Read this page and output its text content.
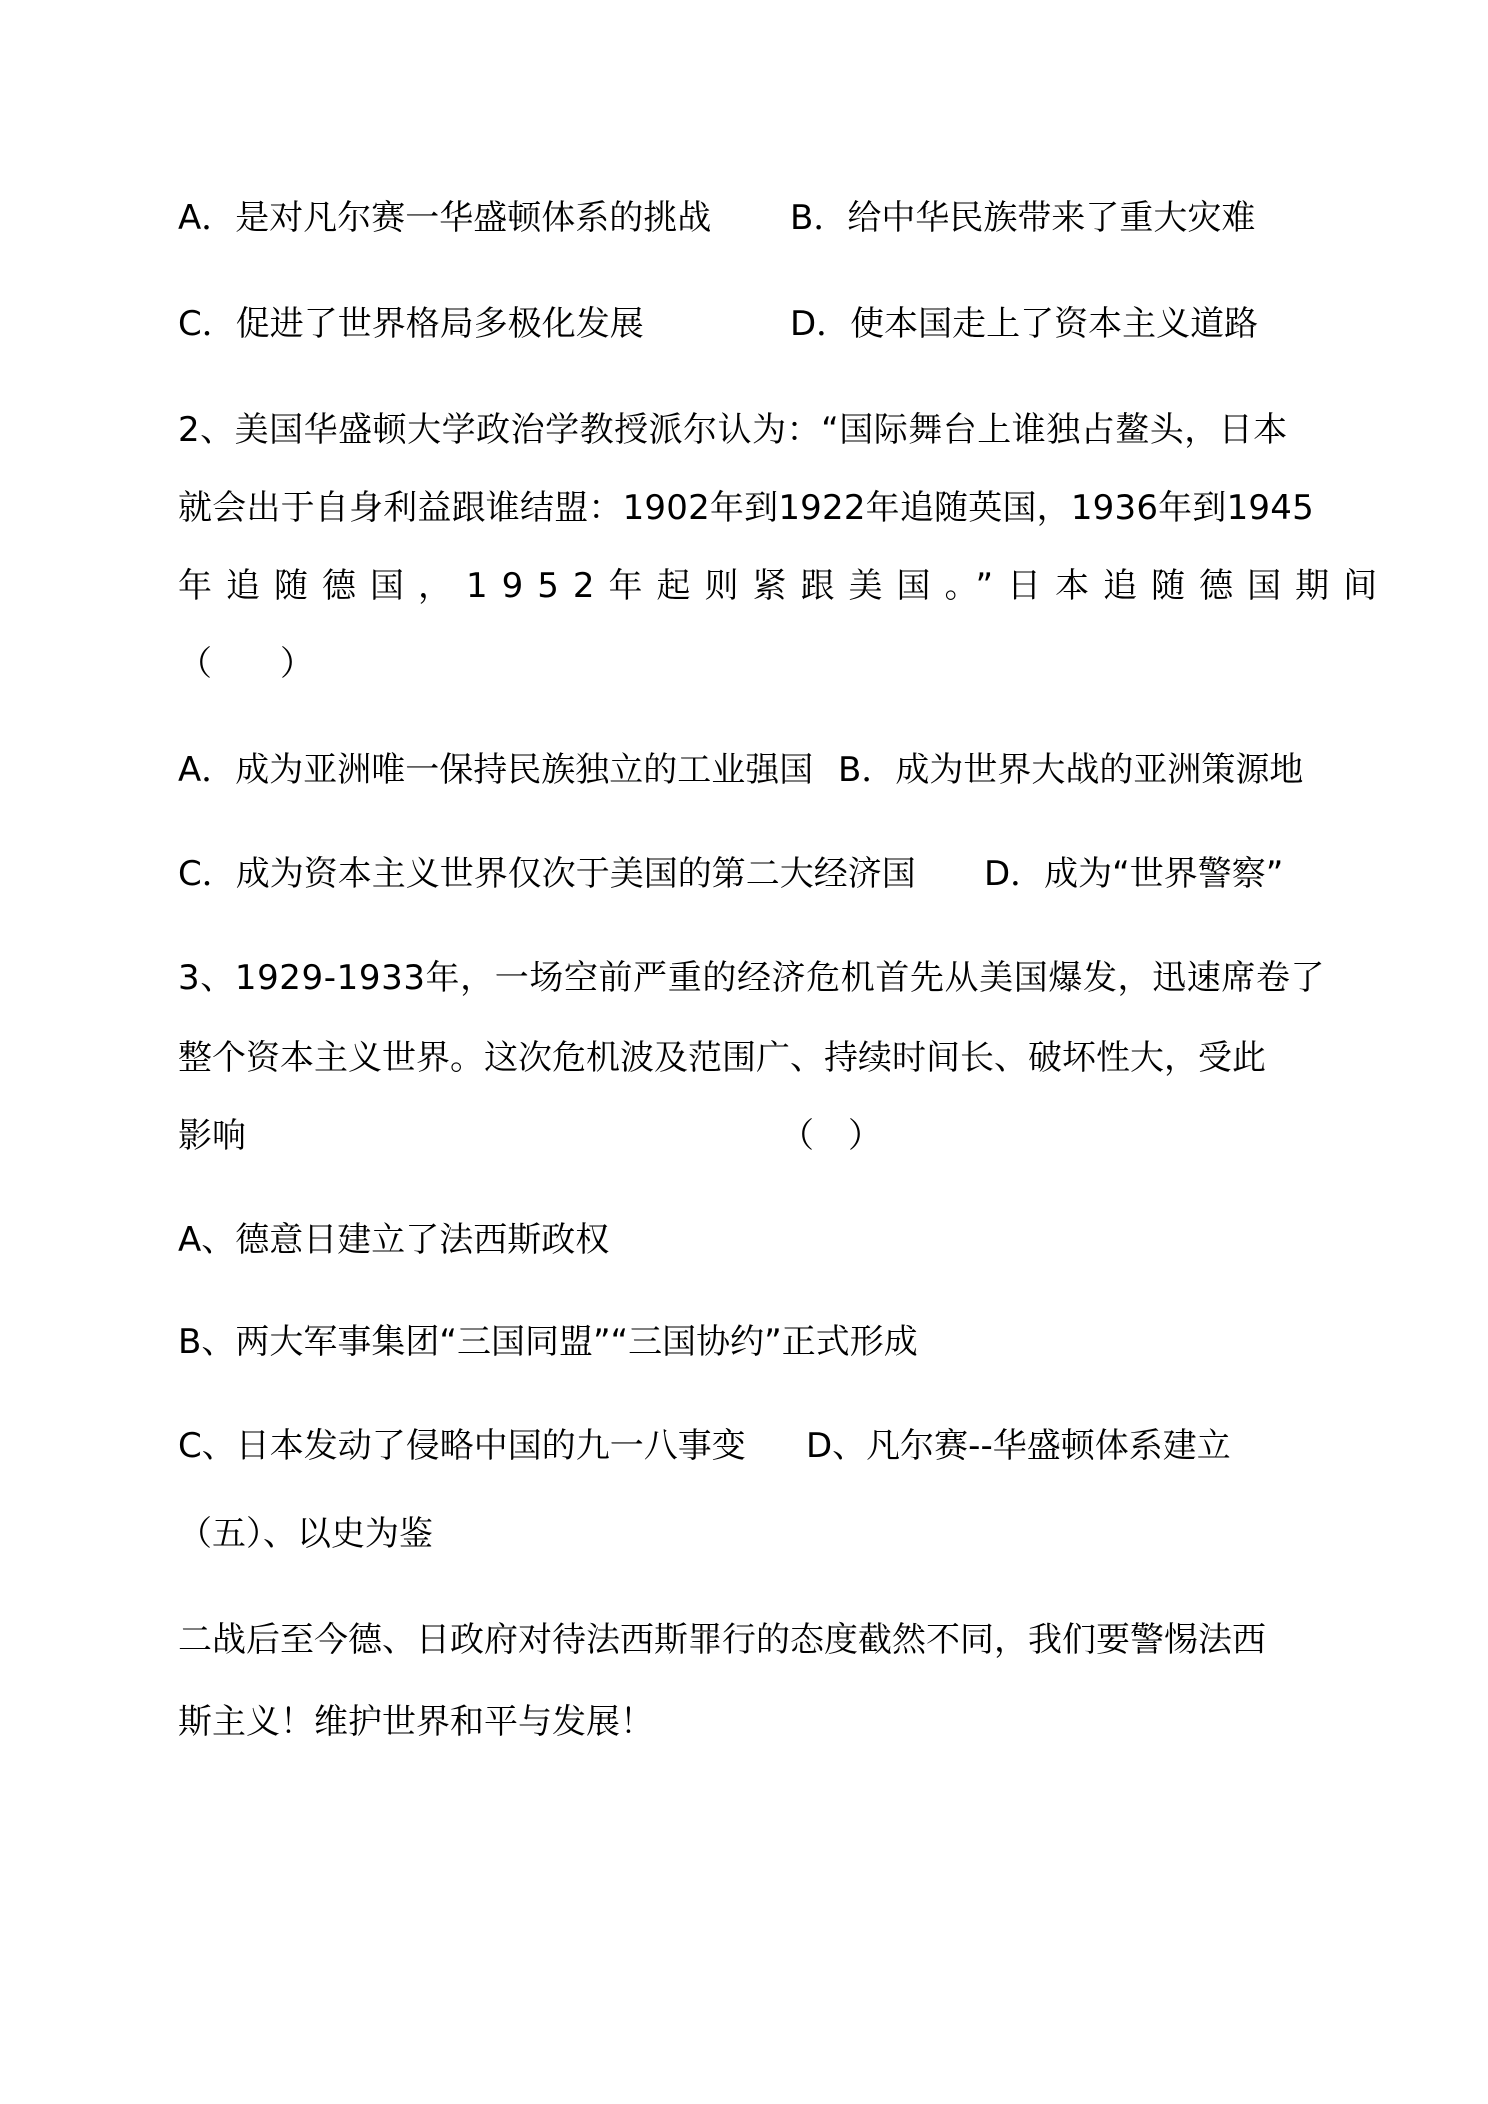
A．是对凡尔赛一华盛顿体系的挑战 B．给中华民族带来了重大灾难

C．促进了世界格局多极化发展	D．使本国走上了资本主义道路

2、美国华盛顿大学政治学教授派尔认为：“国际舞台上谁独占鳌头，日本

就会出于自身利益跟谁结盟：1902年到1922年追随英国，1936年到1945

年追随德国，1952年起则紧跟美国。”日本追随德国期间

（　　）

A．成为亚洲唯一保持民族独立的工业强国 B．成为世界大战的亚洲策源地

C．成为资本主义世界仅次于美国的第二大经济国 D．成为“世界警察”

3、1929-1933年，一场空前严重的经济危机首先从美国爆发，迅速席卷了

整个资本主义世界。这次危机波及范围广、持续时间长、破坏性大，受此

影响	（　）

A、德意日建立了法西斯政权

B、两大军事集团“三国同盟”“三国协约”正式形成

C、日本发动了侵略中国的九一八事变 D、凡尔赛--华盛顿体系建立

（五）、以史为鉴

二战后至今德、日政府对待法西斯罪行的态度截然不同，我们要警惕法西

斯主义！维护世界和平与发展！
